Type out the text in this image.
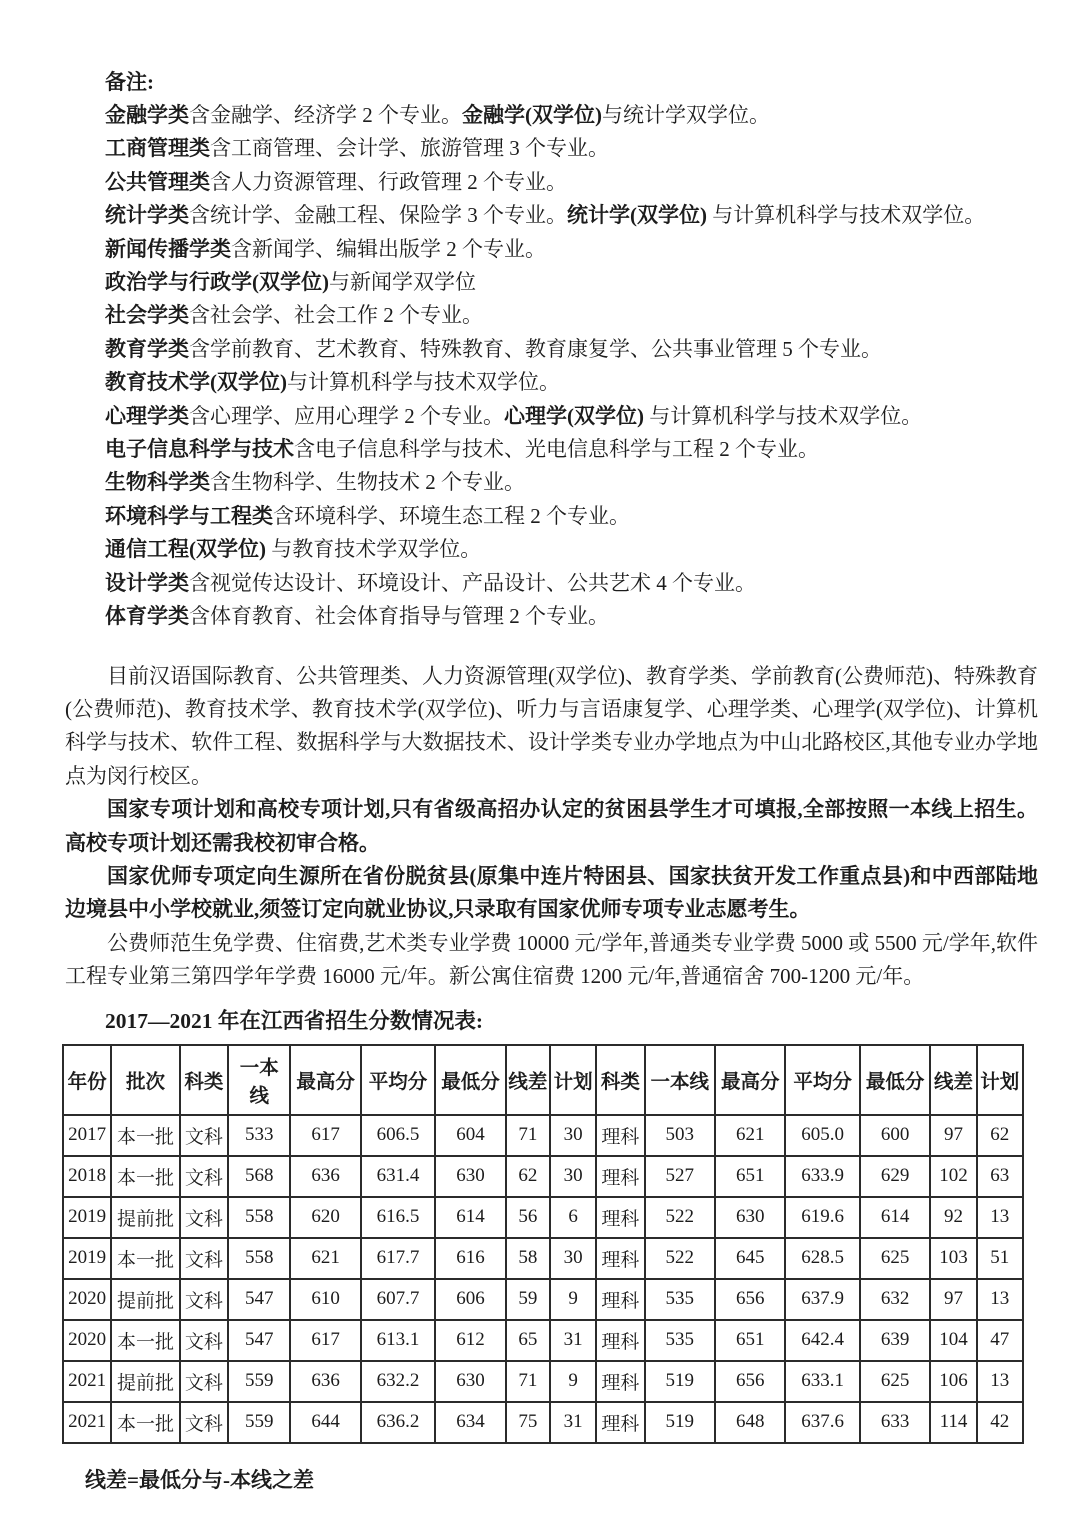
备注:
金融学类含金融学、经济学 2 个专业。金融学(双学位)与统计学双学位。
工商管理类含工商管理、会计学、旅游管理 3 个专业。
公共管理类含人力资源管理、行政管理 2 个专业。
统计学类含统计学、金融工程、保险学 3 个专业。统计学(双学位) 与计算机科学与技术双学位。
新闻传播学类含新闻学、编辑出版学 2 个专业。
政治学与行政学(双学位)与新闻学双学位
社会学类含社会学、社会工作 2 个专业。
教育学类含学前教育、艺术教育、特殊教育、教育康复学、公共事业管理 5 个专业。
教育技术学(双学位)与计算机科学与技术双学位。
心理学类含心理学、应用心理学 2 个专业。心理学(双学位) 与计算机科学与技术双学位。
电子信息科学与技术含电子信息科学与技术、光电信息科学与工程 2 个专业。
生物科学类含生物科学、生物技术 2 个专业。
环境科学与工程类含环境科学、环境生态工程 2 个专业。
通信工程(双学位) 与教育技术学双学位。
设计学类含视觉传达设计、环境设计、产品设计、公共艺术 4 个专业。
体育学类含体育教育、社会体育指导与管理 2 个专业。

目前汉语国际教育、公共管理类、人力资源管理(双学位)、教育学类、学前教育(公费师范)、特殊教育(公费师范)、教育技术学、教育技术学(双学位)、听力与言语康复学、心理学类、心理学(双学位)、计算机科学与技术、软件工程、数据科学与大数据技术、设计学类专业办学地点为中山北路校区,其他专业办学地点为闵行校区。

国家专项计划和高校专项计划,只有省级高招办认定的贫困县学生才可填报,全部按照一本线上招生。高校专项计划还需我校初审合格。

国家优师专项定向生源所在省份脱贫县(原集中连片特困县、国家扶贫开发工作重点县)和中西部陆地边境县中小学校就业,须签订定向就业协议,只录取有国家优师专项专业志愿考生。

公费师范生免学费、住宿费,艺术类专业学费 10000 元/学年,普通类专业学费 5000 或 5500 元/学年,软件工程专业第三第四学年学费 16000 元/年。新公寓住宿费 1200 元/年,普通宿舍 700-1200 元/年。

2017—2021 年在江西省招生分数情况表:
年份	批次	科类	一本线	最高分	平均分	最低分	线差	计划	科类	一本线	最高分	平均分	最低分	线差	计划
2017	本一批	文科	533	617	606.5	604	71	30	理科	503	621	605.0	600	97	62
2018	本一批	文科	568	636	631.4	630	62	30	理科	527	651	633.9	629	102	63
2019	提前批	文科	558	620	616.5	614	56	6	理科	522	630	619.6	614	92	13
2019	本一批	文科	558	621	617.7	616	58	30	理科	522	645	628.5	625	103	51
2020	提前批	文科	547	610	607.7	606	59	9	理科	535	656	637.9	632	97	13
2020	本一批	文科	547	617	613.1	612	65	31	理科	535	651	642.4	639	104	47
2021	提前批	文科	559	636	632.2	630	71	9	理科	519	656	633.1	625	106	13
2021	本一批	文科	559	644	636.2	634	75	31	理科	519	648	637.6	633	114	42
线差=最低分与-本线之差
